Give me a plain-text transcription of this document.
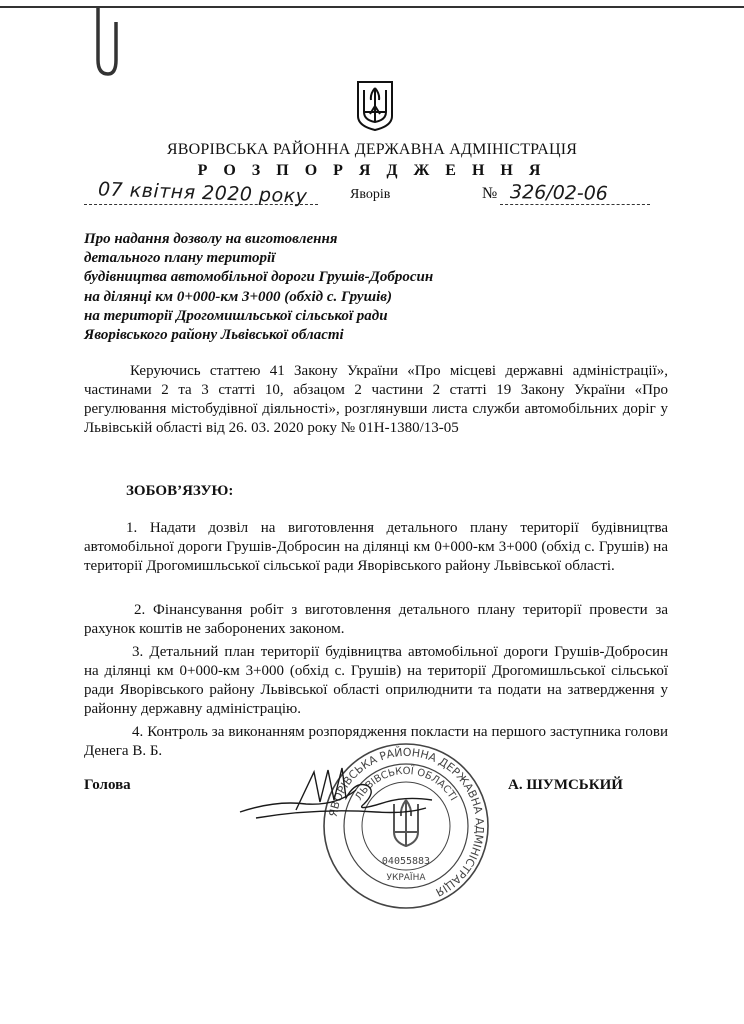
ЯВОРІВСЬКА РАЙОННА ДЕРЖАВНА АДМІНІСТРАЦІЯ
Р О З П О Р Я Д Ж Е Н Н Я
07 квітня 2020 року	Яворів	№ 326/02-06
Про надання дозволу на виготовлення
детального плану території
будівництва автомобільної дороги Грушів-Добросин
на ділянці км 0+000-км 3+000 (обхід с. Грушів)
на території Дрогомишльської сільської ради
Яворівського району Львівської області
Керуючись статтею 41 Закону України «Про місцеві державні адміністрації», частинами 2 та 3 статті 10, абзацом 2 частини 2 статті 19 Закону України «Про регулювання містобудівної діяльності», розглянувши листа служби автомобільних доріг у Львівській області від 26. 03. 2020 року № 01Н-1380/13-05
ЗОБОВ’ЯЗУЮ:
1. Надати дозвіл на виготовлення детального плану території будівництва автомобільної дороги Грушів-Добросин на ділянці км 0+000-км 3+000 (обхід с. Грушів) на території Дрогомишльської сільської ради Яворівського району Львівської області.
2. Фінансування робіт з виготовлення детального плану території провести за рахунок коштів не заборонених законом.
3. Детальний план території будівництва автомобільної дороги Грушів-Добросин на ділянці км 0+000-км 3+000 (обхід с. Грушів) на території Дрогомишльської сільської ради Яворівського району Львівської області оприлюднити та подати на затвердження у районну державну адміністрацію.
4. Контроль за виконанням розпорядження покласти на першого заступника голови Денега В. Б.
Голова	А. ШУМСЬКИЙ
ЯВОРІВСЬКА РАЙОННА ДЕРЖАВНА АДМІНІСТРАЦІЯ
ЛЬВІВСЬКОЇ ОБЛАСТІ
04055883
УКРАЇНА
